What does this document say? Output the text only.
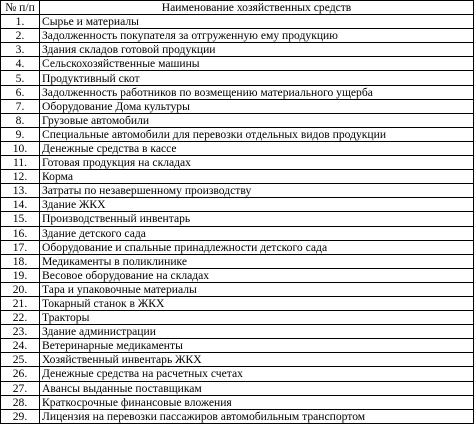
№ п/п	Наименование хозяйственных средств
1.	Сырье и материалы
2.	Задолженность покупателя за отгруженную ему продукцию
3.	Здания складов готовой продукции
4.	Сельскохозяйственные машины
5.	Продуктивный скот
6.	Задолженность работников по возмещению материального ущерба
7.	Оборудование Дома культуры
8.	Грузовые автомобили
9.	Специальные автомобили для перевозки отдельных видов продукции
10.	Денежные средства в кассе
11.	Готовая продукция на складах
12.	Корма
13.	Затраты по незавершенному производству
14.	Здание ЖКХ
15.	Производственный инвентарь
16.	Здание детского сада
17.	Оборудование и спальные принадлежности детского сада
18.	Медикаменты в поликлинике
19.	Весовое оборудование на складах
20.	Тара и упаковочные материалы
21.	Токарный станок в ЖКХ
22.	Тракторы
23.	Здание администрации
24.	Ветеринарные медикаменты
25.	Хозяйственный инвентарь ЖКХ
26.	Денежные средства на расчетных счетах
27.	Авансы выданные поставщикам
28.	Краткосрочные финансовые вложения
29.	Лицензия на перевозки пассажиров автомобильным транспортом
